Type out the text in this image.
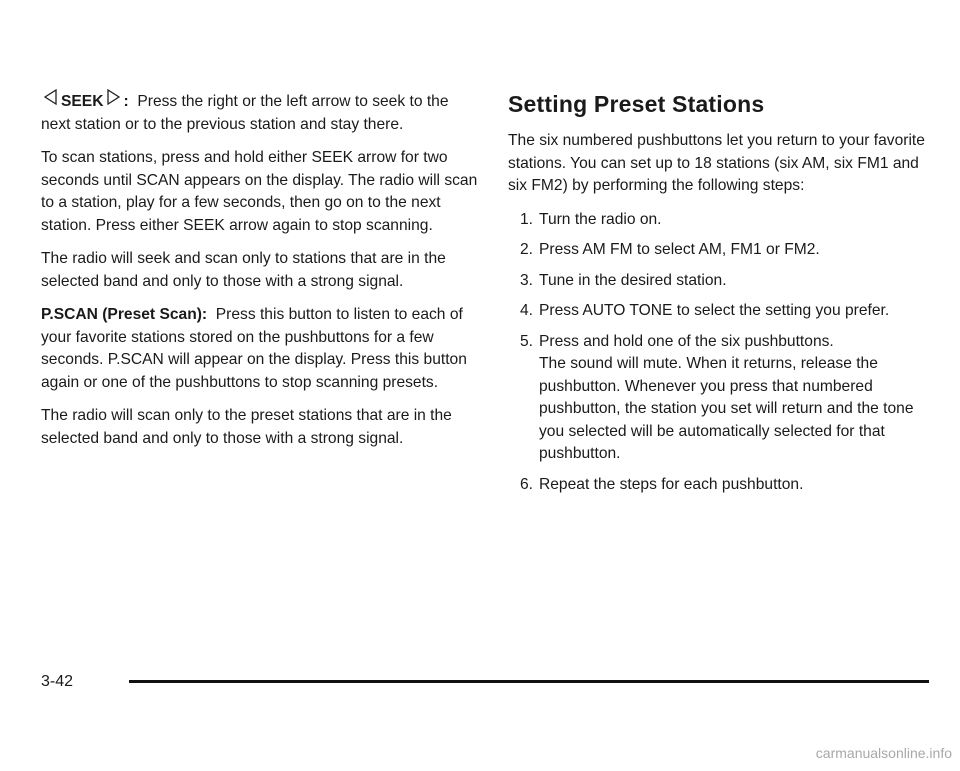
SEEK : Press the right or the left arrow to seek to the next station or to the previous station and stay there.

To scan stations, press and hold either SEEK arrow for two seconds until SCAN appears on the display. The radio will scan to a station, play for a few seconds, then go on to the next station. Press either SEEK arrow again to stop scanning.

The radio will seek and scan only to stations that are in the selected band and only to those with a strong signal.

P.SCAN (Preset Scan): Press this button to listen to each of your favorite stations stored on the pushbuttons for a few seconds. P.SCAN will appear on the display. Press this button again or one of the pushbuttons to stop scanning presets.

The radio will scan only to the preset stations that are in the selected band and only to those with a strong signal.

Setting Preset Stations

The six numbered pushbuttons let you return to your favorite stations. You can set up to 18 stations (six AM, six FM1 and six FM2) by performing the following steps:

1. Turn the radio on.
2. Press AM FM to select AM, FM1 or FM2.
3. Tune in the desired station.
4. Press AUTO TONE to select the setting you prefer.
5. Press and hold one of the six pushbuttons.
The sound will mute. When it returns, release the pushbutton. Whenever you press that numbered pushbutton, the station you set will return and the tone you selected will be automatically selected for that pushbutton.
6. Repeat the steps for each pushbutton.
3-42
carmanualsonline.info
